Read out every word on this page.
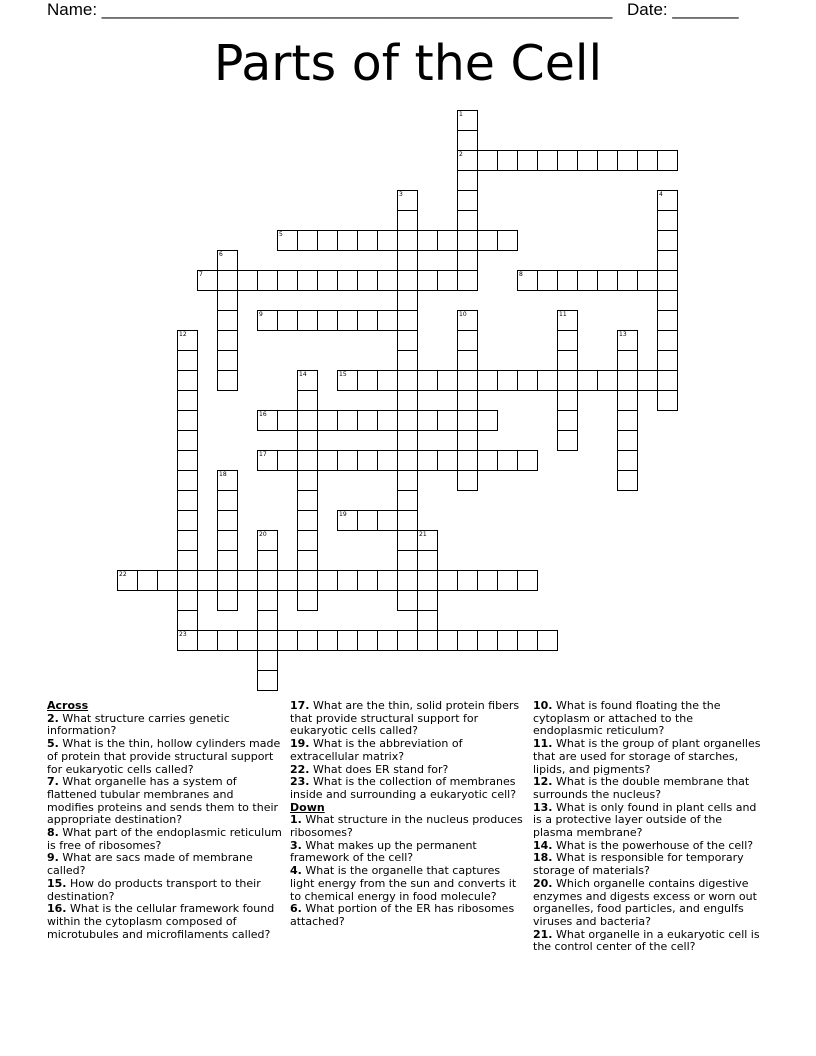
Name: ______________________________________________________ Date: _______
Parts of the Cell
1
2
3	4
5
6
7	8
9	10	11
12	13
14	15
16
17
18
19
20	21
22
23

Across

2. What structure carries genetic information?

5. What is the thin, hollow cylinders made of protein that provide structural support for eukaryotic cells called?

7. What organelle has a system of flattened tubular membranes and modifies proteins and sends them to their appropriate destination?

8. What part of the endoplasmic reticulum is free of ribosomes?

9. What are sacs made of membrane called?

15. How do products transport to their destination?

16. What is the cellular framework found within the cytoplasm composed of microtubules and microfilaments called?

17. What are the thin, solid protein fibers that provide structural support for eukaryotic cells called?

19. What is the abbreviation of extracellular matrix?

22. What does ER stand for?

23. What is the collection of membranes inside and surrounding a eukaryotic cell?

Down

1. What structure in the nucleus produces ribosomes?

3. What makes up the permanent framework of the cell?

4. What is the organelle that captures light energy from the sun and converts it to chemical energy in food molecule?

6. What portion of the ER has ribosomes attached?

10. What is found floating the the cytoplasm or attached to the endoplasmic reticulum?

11. What is the group of plant organelles that are used for storage of starches, lipids, and pigments?

12. What is the double membrane that surrounds the nucleus?

13. What is only found in plant cells and is a protective layer outside of the plasma membrane?

14. What is the powerhouse of the cell?

18. What is responsible for temporary storage of materials?

20. Which organelle contains digestive enzymes and digests excess or worn out organelles, food particles, and engulfs viruses and bacteria?

21. What organelle in a eukaryotic cell is the control center of the cell?
